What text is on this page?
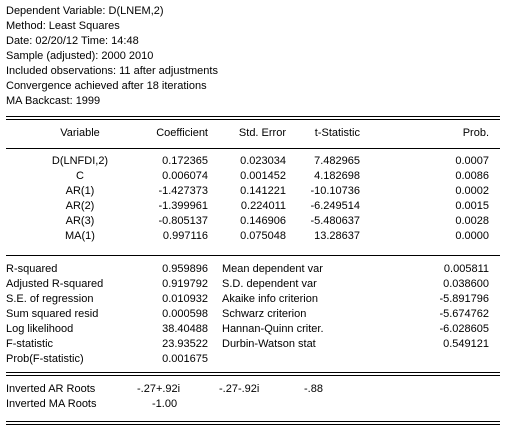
Dependent Variable: D(LNEM,2)
Method: Least Squares
Date: 02/20/12 Time: 14:48
Sample (adjusted): 2000 2010
Included observations: 11 after adjustments
Convergence achieved after 18 iterations
MA Backcast: 1999
Variable	Coefficient	Std. Error	t-Statistic	Prob.
D(LNFDI,2)	0.172365	0.023034	7.482965	0.0007
C	0.006074	0.001452	4.182698	0.0086
AR(1)	-1.427373	0.141221	-10.10736	0.0002
AR(2)	-1.399961	0.224011	-6.249514	0.0015
AR(3)	-0.805137	0.146906	-5.480637	0.0028
MA(1)	0.997116	0.075048	13.28637	0.0000
R-squared	0.959896 Mean dependent var	0.005811
Adjusted R-squared	0.919792 S.D. dependent var	0.038600
S.E. of regression	0.010932 Akaike info criterion	-5.891796
Sum squared resid	0.000598 Schwarz criterion	-5.674762
Log likelihood	38.40488 Hannan-Quinn criter.	-6.028605
F-statistic	23.93522 Durbin-Watson stat	0.549121
Prob(F-statistic)	0.001675
Inverted AR Roots	-.27+.92i	-.27-.92i	-.88
Inverted MA Roots	-1.00
